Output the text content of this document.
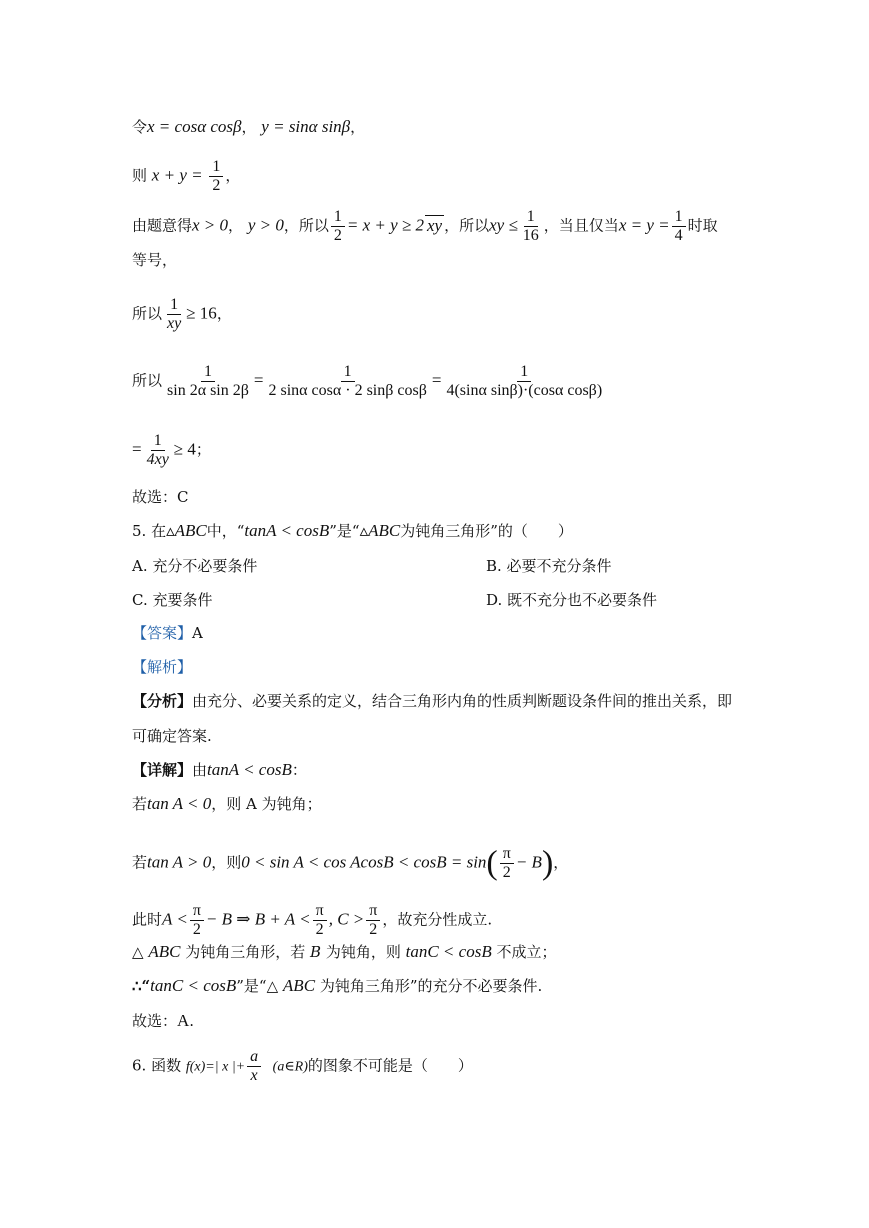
令x = cosα cosβ， y = sinα sinβ，
则 $x + y = \frac{1}{2}$ ，
由题意得x > 0， y > 0，所以 $\frac{1}{2} = x + y \ge 2$ xy ，所以xy ≤ $\frac{1}{16}$ ，当且仅当$x = y = \frac{1}{4}$ 时取
等号，
所以 $\frac{1}{xy} \ge 16$，
所以 $\frac{1}{\text{sin 2α sin 2β}} = \frac{1}{\text{2 sinα cosα · 2 sinβ cosβ}} = \frac{1}{\text{4(sinα sinβ)·(cosα cosβ)}}$
= $\frac{1}{4xy} \ge 4$；
故选：C
5. 在▵ABC中，“tanA < cosB”是“▵ABC为钝角三角形”的（　　）
A. 充分不必要条件	B. 必要不充分条件
C. 充要条件	D. 既不充分也不必要条件
【答案】A
【解析】
【分析】由充分、必要关系的定义，结合三角形内角的性质判断题设条件间的推出关系，即
可确定答案.
【详解】由tanA < cosB：
若tan A < 0，则 A 为钝角；
若tan A > 0，则$0 < \sin A < \cos AcosB < \cos B = \sin( \frac{\pi}{2} - B)$，
此时$A < \frac{\pi}{2} - B$ ⇒ $B + A < \frac{\pi}{2}$ , $C > \frac{\pi}{2}$ ，故充分性成立.
△ ABC 为钝角三角形，若 B 为钝角，则 tanC < cosB 不成立；
∴“tanC < cosB”是“△ ABC 为钝角三角形”的充分不必要条件.
故选：A.
6. 函数 f(x)=| x |+ $\frac{a}{x}$ (a∈R)的图象不可能是（　　）
